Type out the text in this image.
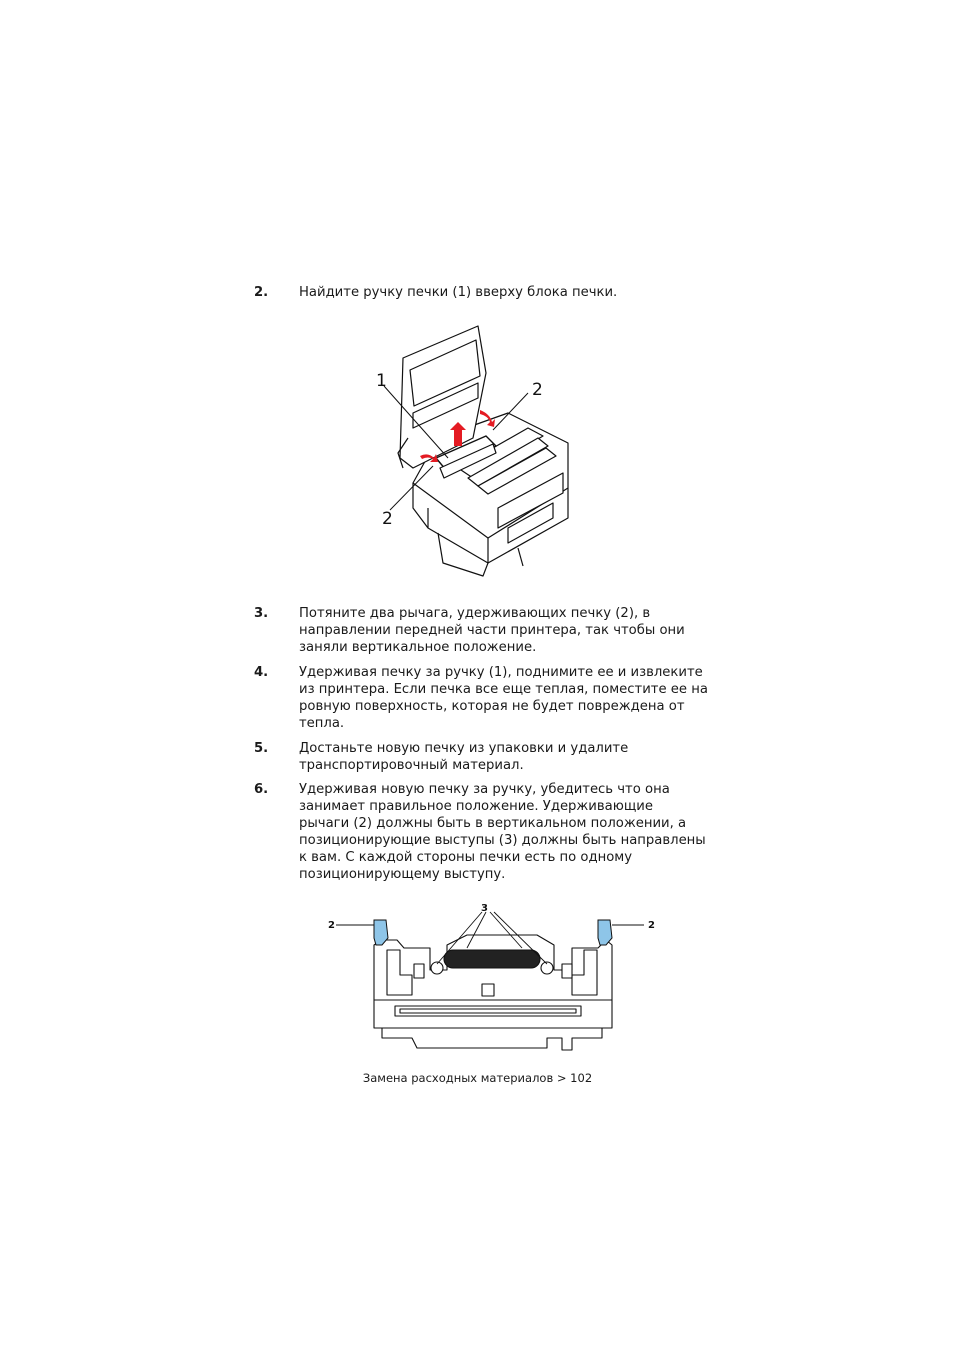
2. Найдите ручку печки (1) вверху блока печки.
1	2
2
3. Потяните два рычага, удерживающих печку (2), в
направлении передней части принтера, так чтобы они
заняли вертикальное положение.
4. Удерживая печку за ручку (1), поднимите ее и извлеките
из принтера. Если печка все еще теплая, поместите ее на
ровную поверхность, которая не будет повреждена от
тепла.
5. Достаньте новую печку из упаковки и удалите
транспортировочный материал.
6. Удерживая новую печку за ручку, убедитесь что она
занимает правильное положение. Удерживающие
рычаги (2) должны быть в вертикальном положении, а
позиционирующие выступы (3) должны быть направлены
к вам. С каждой стороны печки есть по одному
позиционирующему выступу.
2	2
3
Замена расходных материалов > 102
